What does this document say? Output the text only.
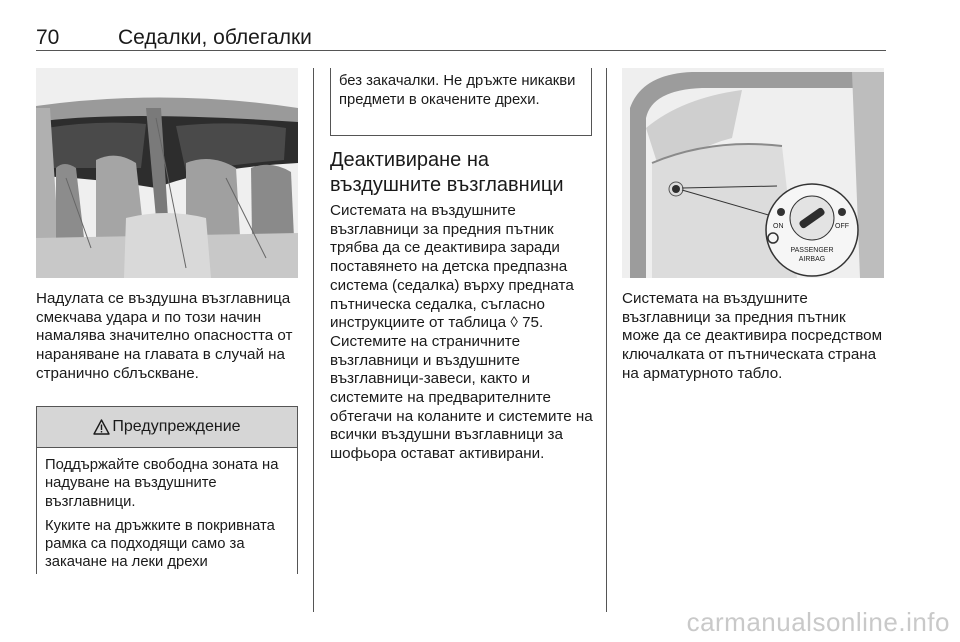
70	Седалки, облегалки

Надулата се въздушна възглавница смекчава удара и по този начин намалява значително опасността от нараняване на главата в случай на странично сблъскване.

Предупреждение

Поддържайте свободна зоната на надуване на въздушните възглавници.

Куките на дръжките в покривната рамка са подходящи само за закачане на леки дрехи

без закачалки. Не дръжте никакви предмети в окачените дрехи.
Деактивиране на въздушните възглавници

Системата на въздушните възглавници за предния пътник трябва да се деактивира заради поставянето на детска предпазна система (седалка) върху предната пътническа седалка, съгласно инструкциите от таблица ◊ 75.

Системите на страничните възглавници и въздушните възглавници-завеси, както и системите на предварителните обтегачи на коланите и системите на всички въздушни възглавници за шофьора остават активирани.

ON	OFF
PASSENGER
AIRBAG

Системата на въздушните възглавници за предния пътник може да се деактивира посредством ключалката от пътническата страна на арматурното табло.

carmanualsonline.info
